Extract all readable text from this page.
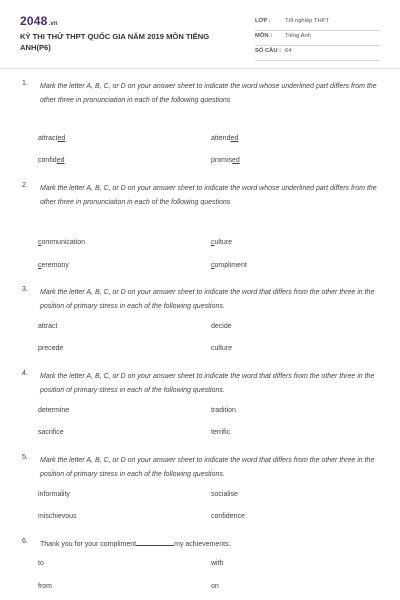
2048.vn
KỲ THI THỬ THPT QUỐC GIA NĂM 2019 MÔN TIẾNG ANH(P6)
LỚP : Tốt nghiệp THPT
MÔN : Tiếng Anh
SỐ CÂU : 64
1. Mark the letter A, B, C, or D on your answer sheet to indicate the word whose underlined part differs from the other three in pronunciation in each of the following questions
attracted	attended
confided	promised
2. Mark the letter A, B, C, or D on your answer sheet to indicate the word whose underlined part differs from the other three in pronunciation in each of the following questions
communication	culture
ceremony	compliment
3. Mark the letter A, B, C, or D on your answer sheet to indicate the word that differs from the other three in the position of primary stress in each of the following questions.
attract	decide
precede	culture
4. Mark the letter A, B, C, or D on your answer sheet to indicate the word that differs from the other three in the position of primary stress in each of the following questions.
determine	tradition
sacrifice	terrific
5. Mark the letter A, B, C, or D on your answer sheet to indicate the word that differs from the other three in the position of primary stress in each of the following questions.
informality	socialise
mischievous	confidence
6. Thank you for your compliment	my achievements.
to	with
from	on
